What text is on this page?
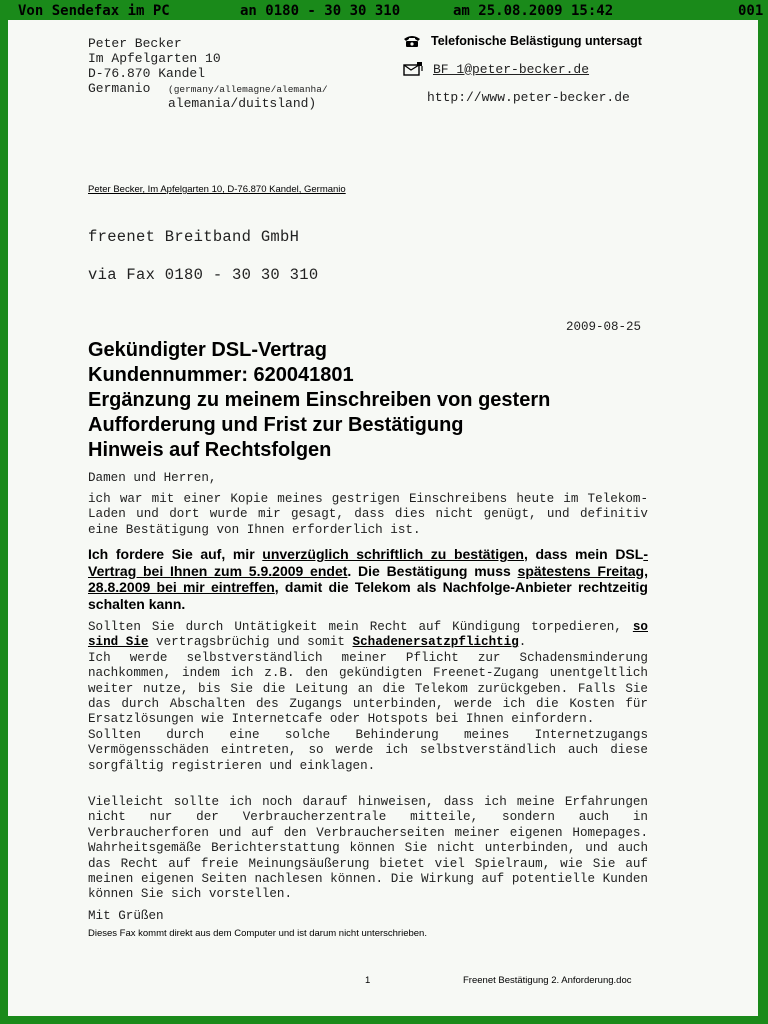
Von Sendefax im PC

	an 0180 - 30 30 310

	am 25.08.2009 15:42

	001

Peter Becker
Im Apfelgarten 10
D-76.870 Kandel
Germanio (germany/allemagne/alemanha/
alemania/duitsland)
Telefonische Belästigung untersagt
BF 1@peter-becker.de
http://www.peter-becker.de
Peter Becker, Im Apfelgarten 10, D-76.870 Kandel, Germanio
freenet Breitband GmbH
via Fax 0180 - 30 30 310
2009-08-25
Gekündigter DSL-Vertrag
Kundennummer: 620041801
Ergänzung zu meinem Einschreiben von gestern
Aufforderung und Frist zur Bestätigung
Hinweis auf Rechtsfolgen
Damen und Herren,
ich war mit einer Kopie meines gestrigen Einschreibens heute im Telekom-Laden und dort wurde mir gesagt, dass dies nicht genügt, und definitiv eine Bestätigung von Ihnen erforderlich ist.
Ich fordere Sie auf, mir unverzüglich schriftlich zu bestätigen, dass mein DSL-Vertrag bei Ihnen zum 5.9.2009 endet. Die Bestätigung muss spätestens Freitag, 28.8.2009 bei mir eintreffen, damit die Telekom als Nachfolge-Anbieter rechtzeitig schalten kann.
Sollten Sie durch Untätigkeit mein Recht auf Kündigung torpedieren, so sind Sie vertragsbrüchig und somit Schadenersatzpflichtig.
Ich werde selbstverständlich meiner Pflicht zur Schadensminderung nachkommen, indem ich z.B. den gekündigten Freenet-Zugang unentgeltlich weiter nutze, bis Sie die Leitung an die Telekom zurückgeben. Falls Sie das durch Abschalten des Zugangs unterbinden, werde ich die Kosten für Ersatzlösungen wie Internetcafe oder Hotspots bei Ihnen einfordern.
Sollten durch eine solche Behinderung meines Internetzugangs Vermögensschäden eintreten, so werde ich selbstverständlich auch diese sorgfältig registrieren und einklagen.
Vielleicht sollte ich noch darauf hinweisen, dass ich meine Erfahrungen nicht nur der Verbraucherzentrale mitteile, sondern auch in Verbraucherforen und auf den Verbraucherseiten meiner eigenen Homepages. Wahrheitsgemäße Berichterstattung können Sie nicht unterbinden, und auch das Recht auf freie Meinungsäußerung bietet viel Spielraum, wie Sie auf meinen eigenen Seiten nachlesen können. Die Wirkung auf potentielle Kunden können Sie sich vorstellen.
Mit Grüßen
Dieses Fax kommt direkt aus dem Computer und ist darum nicht unterschrieben.
1	Freenet Bestätigung 2. Anforderung.doc
